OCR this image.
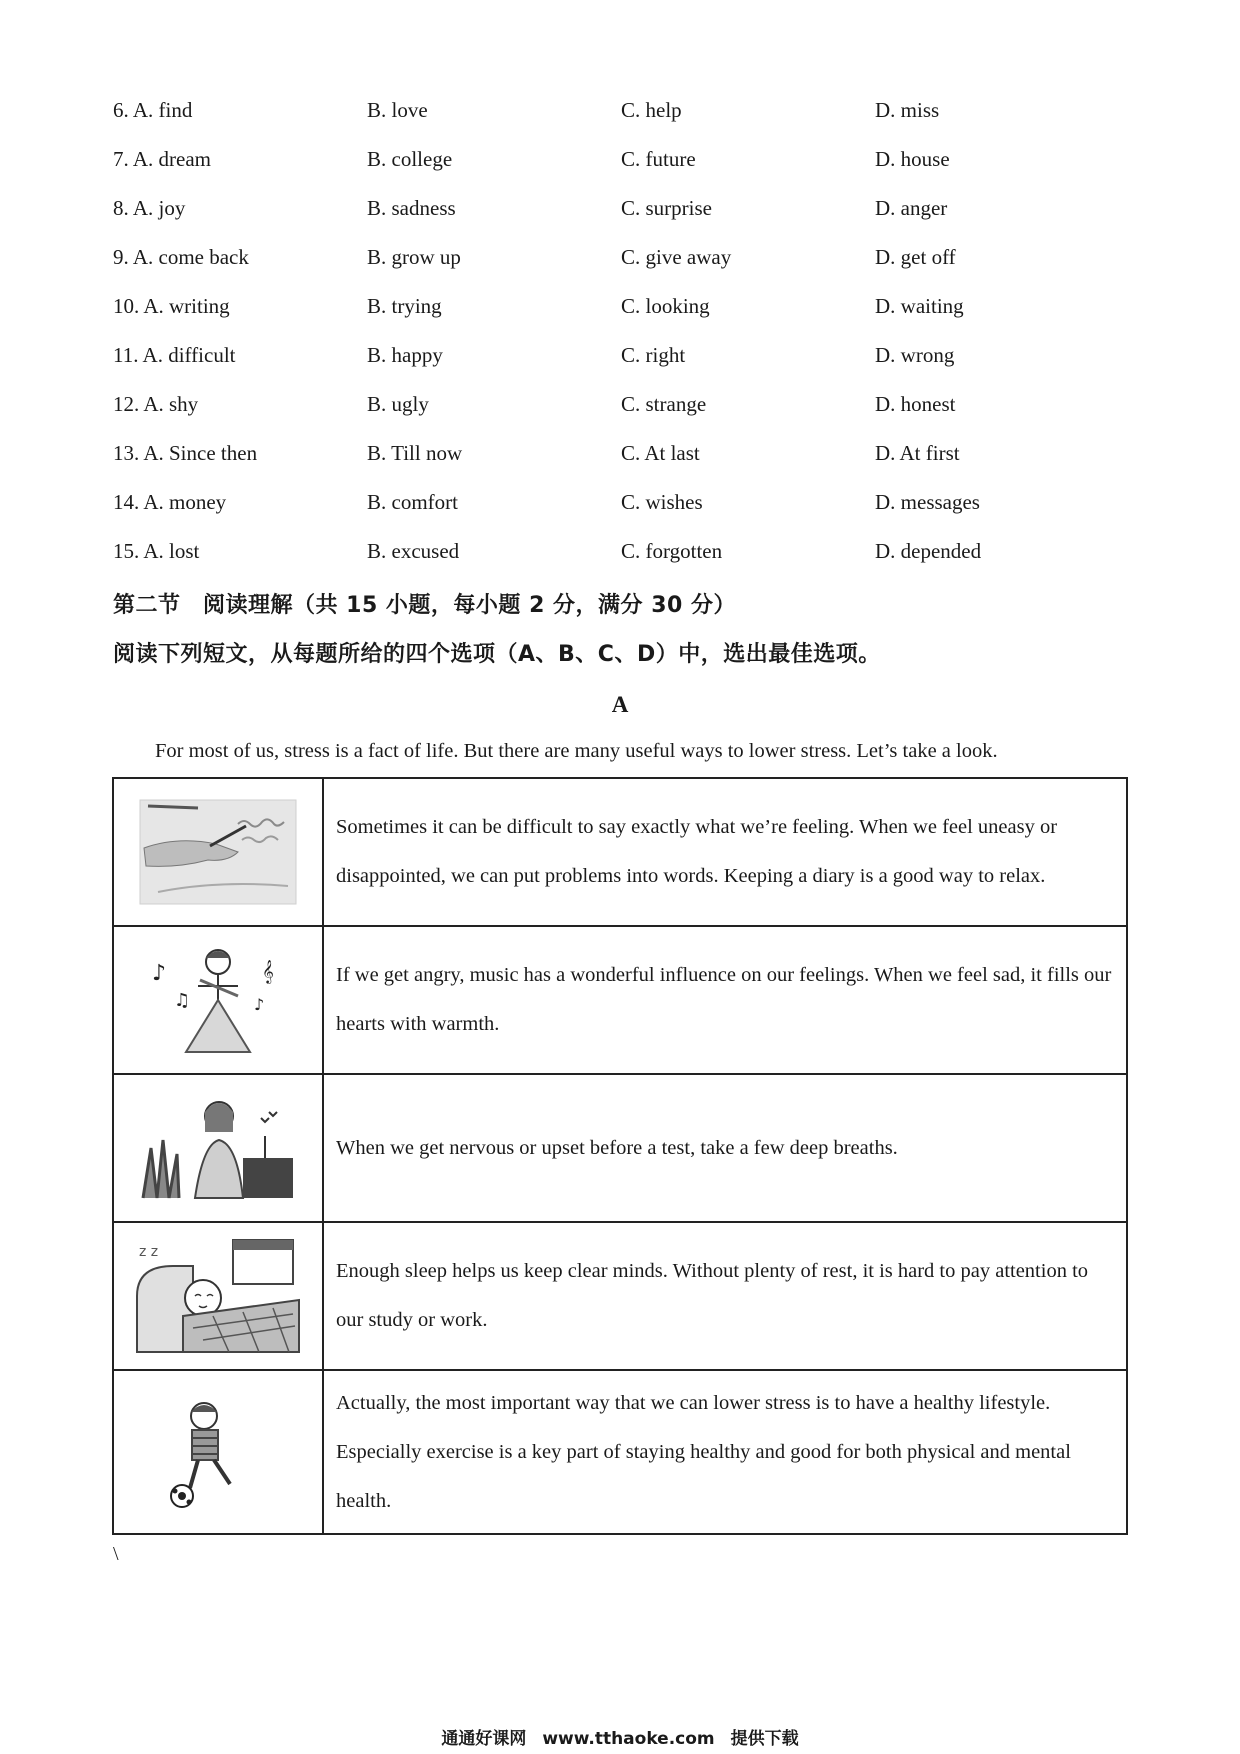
6. A. find	B. love	C. help	D. miss
7. A. dream	B. college	C. future	D. house
8. A. joy	B. sadness	C. surprise	D. anger
9. A. come back	B. grow up	C. give away	D. get off
10. A. writing	B. trying	C. looking	D. waiting
11. A. difficult	B. happy	C. right	D. wrong
12. A. shy	B. ugly	C. strange	D. honest
13. A. Since then	B. Till now	C. At last	D. At first
14. A. money	B. comfort	C. wishes	D. messages
15. A. lost	B. excused	C. forgotten	D. depended
第二节　阅读理解（共 15 小题，每小题 2 分，满分 30 分）
阅读下列短文，从每题所给的四个选项（A、B、C、D）中，选出最佳选项。
A
For most of us, stress is a fact of life. But there are many useful ways to lower stress. Let’s take a look.
	Sometimes it can be difficult to say exactly what we’re feeling. When we feel uneasy or disappointed, we can put problems into words. Keeping a diary is a good way to relax.

♪
♫
𝄞
♪	If we get angry, music has a wonderful influence on our feelings. When we feel sad, it fills our hearts with warmth.

	When we get nervous or upset before a test, take a few deep breaths.

z z	Enough sleep helps us keep clear minds. Without plenty of rest, it is hard to pay attention to our study or work.

	Actually, the most important way that we can lower stress is to have a healthy lifestyle. Especially exercise is a key part of staying healthy and good for both physical and mental health.
\
通通好课网 www.tthaoke.com 提供下载
